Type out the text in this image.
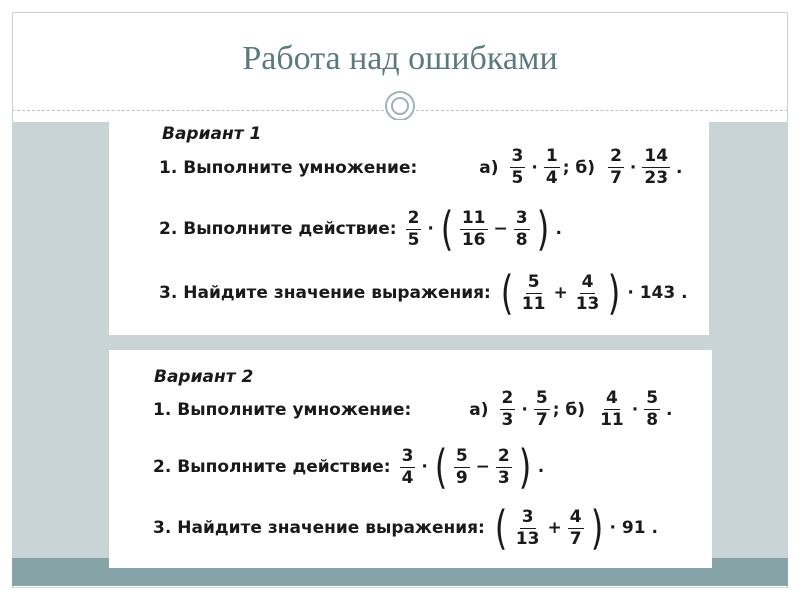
Работа над ошибками
Вариант 1
1. Выполните умножение:	$а) \frac{3}{5} \cdot \frac{1}{4}$ ; $б) \frac{2}{7} \cdot \frac{14}{23}$ .
2. Выполните действие: $\frac{2}{5}$ · ( $\frac{11}{16} - \frac{3}{8}$ ) .
3. Найдите значение выражения: ( $\frac{5}{11} + \frac{4}{13}$ ) · 143 .
Вариант 2
1. Выполните умножение:	$а) \frac{2}{3} \cdot \frac{5}{7}$ ; $б) \frac{4}{11} \cdot \frac{5}{8}$ .
2. Выполните действие: $\frac{3}{4}$ · ( $\frac{5}{9} - \frac{2}{3}$ ) .
3. Найдите значение выражения: ( $\frac{3}{13} + \frac{4}{7}$ ) · 91 .
